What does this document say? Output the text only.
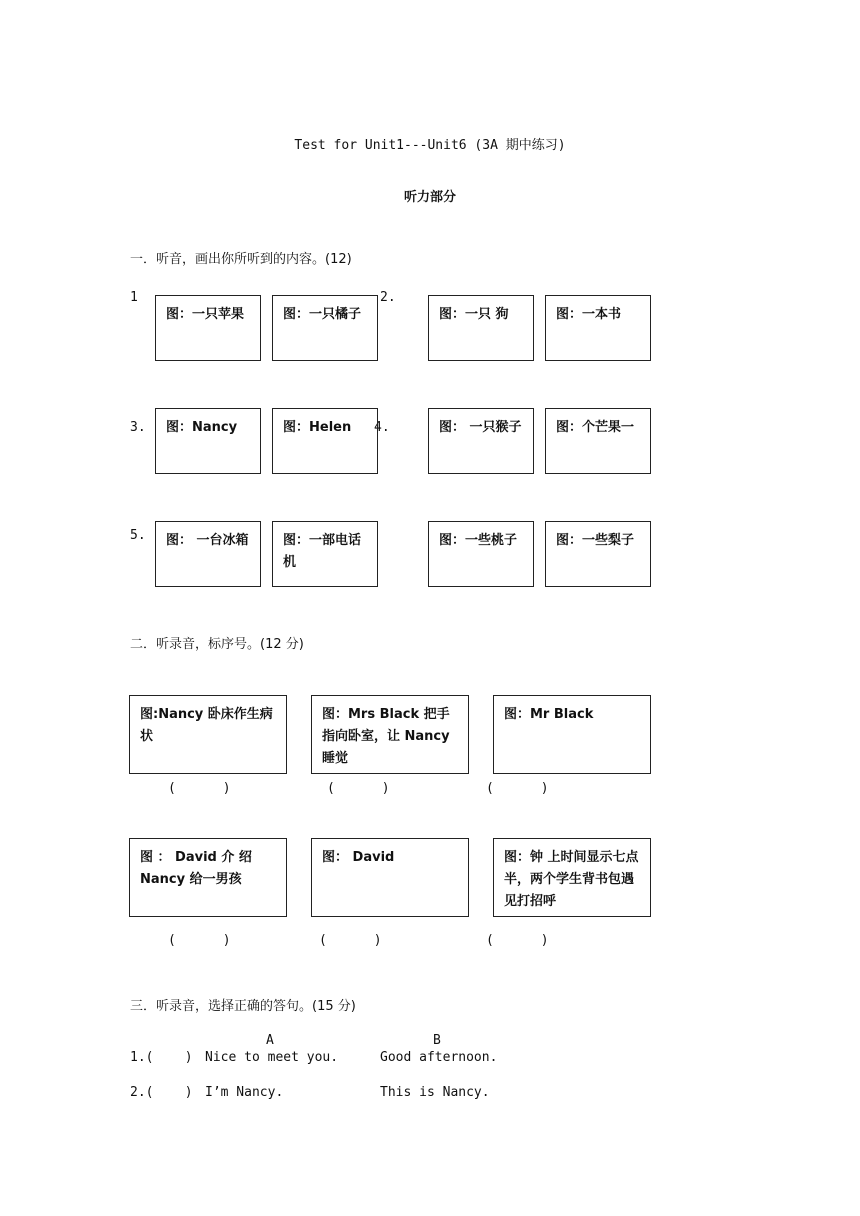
Test for Unit1---Unit6 (3A 期中练习)
听力部分
一．听音，画出你所听到的内容。(12)
1	2.
3.	4.
5.
图：一只苹果	图：一只橘子	图：一只 狗	图：一本书
图：Nancy	图：Helen	图： 一只猴子	图：个芒果一
图： 一台冰箱	图：一部电话机
图：一些桃子	图：一些梨子
二．听录音，标序号。(12 分)
图:Nancy 卧床作生病状
图：Mrs Black 把手指向卧室，让 Nancy 睡觉
图：Mr Black
(      )	(      )	(      )
图 ： David 介 绍 Nancy 给一男孩
图： David	图：钟 上时间显示七点半，两个学生背书包遇见打招呼
(      )	(      )	(      )
三．听录音，选择正确的答句。(15 分)
A	B
1.(    ) Nice to meet you.	Good afternoon.
2.(    ) I’m Nancy.	This is Nancy.
